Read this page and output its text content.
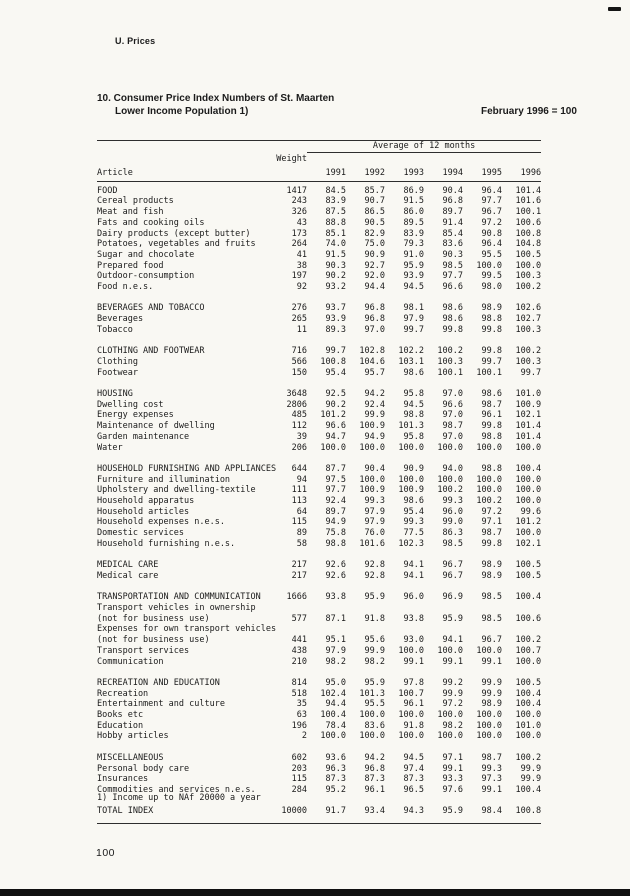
U. Prices
10. Consumer Price Index Numbers of St. Maarten
Lower Income Population 1)	February 1996 = 100
		Average of 12 months					
	Weight						
Article		1991	1992	1993	1994	1995	1996
FOOD	1417	84.5	85.7	86.9	90.4	96.4	101.4
Cereal products	243	83.9	90.7	91.5	96.8	97.7	101.6
Meat and fish	326	87.5	86.5	86.0	89.7	96.7	100.1
Fats and cooking oils	43	88.8	90.5	89.5	91.4	97.2	100.6
Dairy products (except butter)	173	85.1	82.9	83.9	85.4	90.8	100.8
Potatoes, vegetables and fruits	264	74.0	75.0	79.3	83.6	96.4	104.8
Sugar and chocolate	41	91.5	90.9	91.0	90.3	95.5	100.5
Prepared food	38	90.3	92.7	95.9	98.5	100.0	100.0
Outdoor-consumption	197	90.2	92.0	93.9	97.7	99.5	100.3
Food n.e.s.	92	93.2	94.4	94.5	96.6	98.0	100.2

BEVERAGES AND TOBACCO	276	93.7	96.8	98.1	98.6	98.9	102.6
Beverages	265	93.9	96.8	97.9	98.6	98.8	102.7
Tobacco	11	89.3	97.0	99.7	99.8	99.8	100.3

CLOTHING AND FOOTWEAR	716	99.7	102.8	102.2	100.2	99.8	100.2
Clothing	566	100.8	104.6	103.1	100.3	99.7	100.3
Footwear	150	95.4	95.7	98.6	100.1	100.1	99.7

HOUSING	3648	92.5	94.2	95.8	97.0	98.6	101.0
Dwelling cost	2806	90.2	92.4	94.5	96.6	98.7	100.9
Energy expenses	485	101.2	99.9	98.8	97.0	96.1	102.1
Maintenance of dwelling	112	96.6	100.9	101.3	98.7	99.8	101.4
Garden maintenance	39	94.7	94.9	95.8	97.0	98.8	101.4
Water	206	100.0	100.0	100.0	100.0	100.0	100.0

HOUSEHOLD FURNISHING AND APPLIANCES	644	87.7	90.4	90.9	94.0	98.8	100.4
Furniture and illumination	94	97.5	100.0	100.0	100.0	100.0	100.0
Upholstery and dwelling-textile	111	97.7	100.9	100.9	100.2	100.0	100.0
Household apparatus	113	92.4	99.3	98.6	99.3	100.2	100.0
Household articles	64	89.7	97.9	95.4	96.0	97.2	99.6
Household expenses n.e.s.	115	94.9	97.9	99.3	99.0	97.1	101.2
Domestic services	89	75.8	76.0	77.5	86.3	98.7	100.0
Household furnishing n.e.s.	58	98.8	101.6	102.3	98.5	99.8	102.1

MEDICAL CARE	217	92.6	92.8	94.1	96.7	98.9	100.5
Medical care	217	92.6	92.8	94.1	96.7	98.9	100.5

TRANSPORTATION AND COMMUNICATION	1666	93.8	95.9	96.0	96.9	98.5	100.4
Transport vehicles in ownership							
(not for business use)	577	87.1	91.8	93.8	95.9	98.5	100.6
Expenses for own transport vehicles							
(not for business use)	441	95.1	95.6	93.0	94.1	96.7	100.2
Transport services	438	97.9	99.9	100.0	100.0	100.0	100.7
Communication	210	98.2	98.2	99.1	99.1	99.1	100.0

RECREATION AND EDUCATION	814	95.0	95.9	97.8	99.2	99.9	100.5
Recreation	518	102.4	101.3	100.7	99.9	99.9	100.4
Entertainment and culture	35	94.4	95.5	96.1	97.2	98.9	100.4
Books etc	63	100.4	100.0	100.0	100.0	100.0	100.0
Education	196	78.4	83.6	91.8	98.2	100.0	101.0
Hobby articles	2	100.0	100.0	100.0	100.0	100.0	100.0

MISCELLANEOUS	602	93.6	94.2	94.5	97.1	98.7	100.2
Personal body care	203	96.3	96.8	97.4	99.1	99.3	99.9
Insurances	115	87.3	87.3	87.3	93.3	97.3	99.9
Commodities and services n.e.s.	284	95.2	96.1	96.5	97.6	99.1	100.4

TOTAL INDEX	10000	91.7	93.4	94.3	95.9	98.4	100.8
1) Income up to NAf 20000 a year
100
